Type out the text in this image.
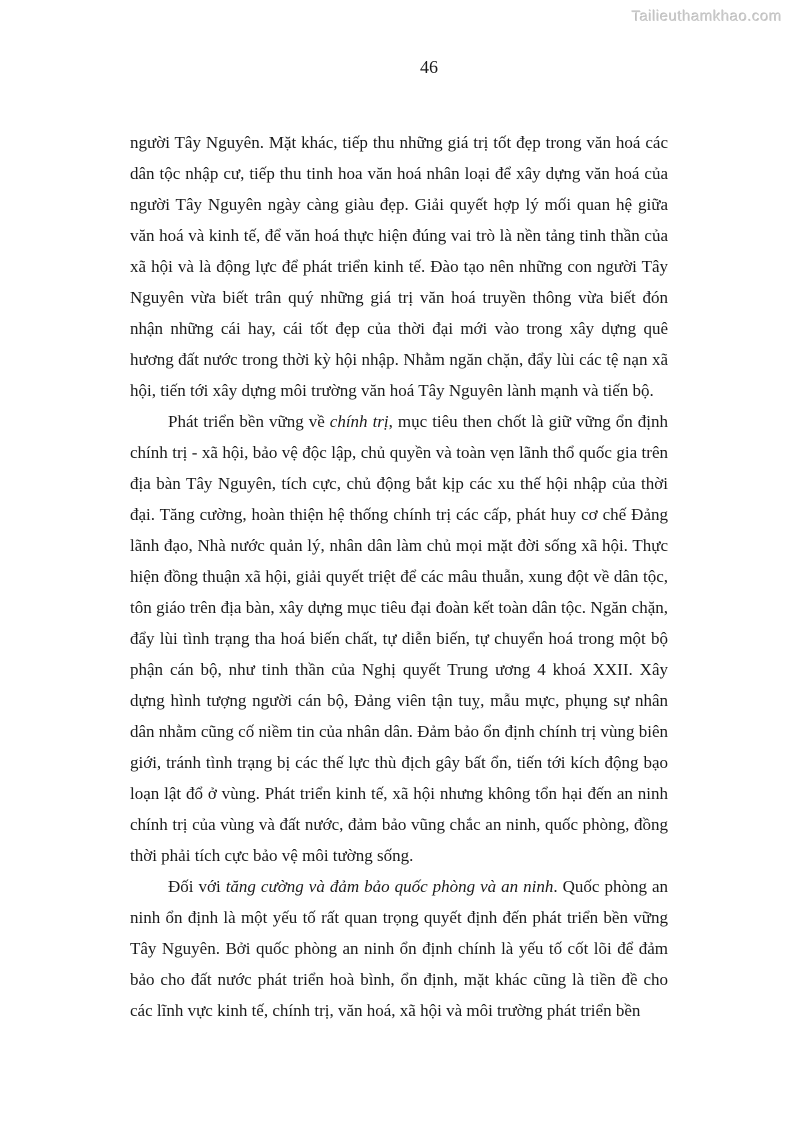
Tailieuthamkhao.com
46

người Tây Nguyên. Mặt khác, tiếp thu những giá trị tốt đẹp trong văn hoá các dân tộc nhập cư, tiếp thu tinh hoa văn hoá nhân loại để xây dựng văn hoá của người Tây Nguyên ngày càng giàu đẹp. Giải quyết hợp lý mối quan hệ giữa văn hoá và kinh tế, để văn hoá thực hiện đúng vai trò là nền tảng tinh thần của xã hội và là động lực để phát triển kinh tế. Đào tạo nên những con người Tây Nguyên vừa biết trân quý những giá trị văn hoá truyền thông vừa biết đón nhận những cái hay, cái tốt đẹp của thời đại mới vào trong xây dựng quê hương đất nước trong thời kỳ hội nhập. Nhằm ngăn chặn, đẩy lùi các tệ nạn xã hội, tiến tới xây dựng môi trường văn hoá Tây Nguyên lành mạnh và tiến bộ.

Phát triển bền vững về chính trị, mục tiêu then chốt là giữ vững ổn định chính trị - xã hội, bảo vệ độc lập, chủ quyền và toàn vẹn lãnh thổ quốc gia trên địa bàn Tây Nguyên, tích cực, chủ động bắt kịp các xu thế hội nhập của thời đại. Tăng cường, hoàn thiện hệ thống chính trị các cấp, phát huy cơ chế Đảng lãnh đạo, Nhà nước quản lý, nhân dân làm chủ mọi mặt đời sống xã hội. Thực hiện đồng thuận xã hội, giải quyết triệt để các mâu thuẫn, xung đột về dân tộc, tôn giáo trên địa bàn, xây dựng mục tiêu đại đoàn kết toàn dân tộc. Ngăn chặn, đẩy lùi tình trạng tha hoá biến chất, tự diễn biến, tự chuyển hoá trong một bộ phận cán bộ, như tinh thần của Nghị quyết Trung ương 4 khoá XXII. Xây dựng hình tượng người cán bộ, Đảng viên tận tuỵ, mẫu mực, phụng sự nhân dân nhằm cũng cố niềm tin của nhân dân. Đảm bảo ổn định chính trị vùng biên giới, tránh tình trạng bị các thế lực thù địch gây bất ổn, tiến tới kích động bạo loạn lật đổ ở vùng. Phát triển kinh tế, xã hội nhưng không tổn hại đến an ninh chính trị của vùng và đất nước, đảm bảo vũng chắc an ninh, quốc phòng, đồng thời phải tích cực bảo vệ môi tường sống.

Đối với tăng cường và đảm bảo quốc phòng và an ninh. Quốc phòng an ninh ổn định là một yếu tố rất quan trọng quyết định đến phát triển bền vững Tây Nguyên. Bởi quốc phòng an ninh ổn định chính là yếu tố cốt lõi để đảm bảo cho đất nước phát triển hoà bình, ổn định, mặt khác cũng là tiền đề cho các lĩnh vực kinh tế, chính trị, văn hoá, xã hội và môi trường phát triển bền
